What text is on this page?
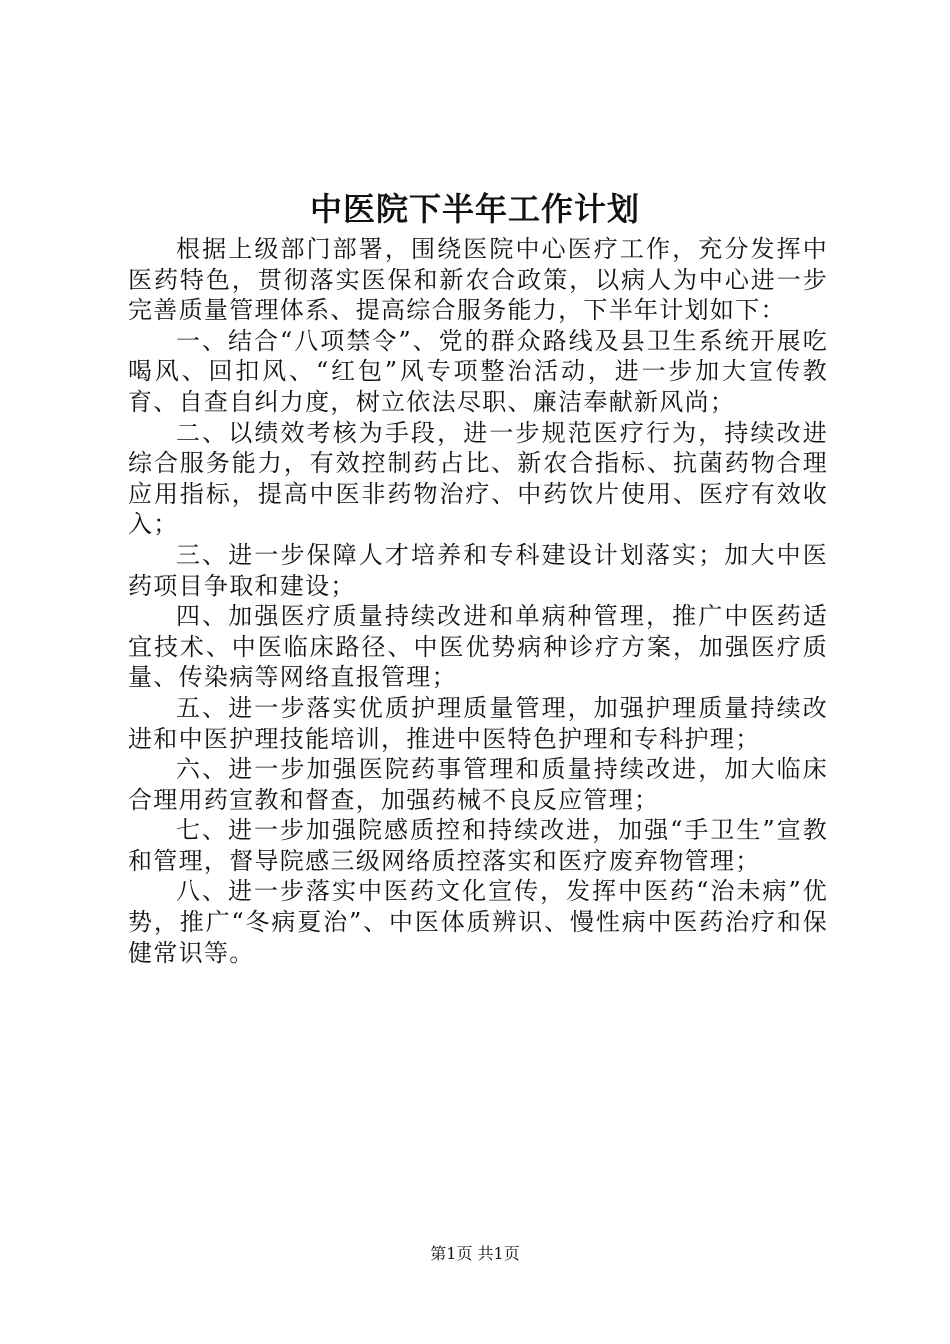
中医院下半年工作计划

根据上级部门部署，围绕医院中心医疗工作，充分发挥中医药特色，贯彻落实医保和新农合政策，以病人为中心进一步完善质量管理体系、提高综合服务能力，下半年计划如下：

一、结合“八项禁令”、党的群众路线及县卫生系统开展吃喝风、回扣风、“红包”风专项整治活动，进一步加大宣传教育、自查自纠力度，树立依法尽职、廉洁奉献新风尚；

二、以绩效考核为手段，进一步规范医疗行为，持续改进综合服务能力，有效控制药占比、新农合指标、抗菌药物合理应用指标，提高中医非药物治疗、中药饮片使用、医疗有效收入；

三、进一步保障人才培养和专科建设计划落实；加大中医药项目争取和建设；

四、加强医疗质量持续改进和单病种管理，推广中医药适宜技术、中医临床路径、中医优势病种诊疗方案，加强医疗质量、传染病等网络直报管理；

五、进一步落实优质护理质量管理，加强护理质量持续改进和中医护理技能培训，推进中医特色护理和专科护理；

六、进一步加强医院药事管理和质量持续改进，加大临床合理用药宣教和督查，加强药械不良反应管理；

七、进一步加强院感质控和持续改进，加强“手卫生”宣教和管理，督导院感三级网络质控落实和医疗废弃物管理；

八、进一步落实中医药文化宣传，发挥中医药“治未病”优势，推广“冬病夏治”、中医体质辨识、慢性病中医药治疗和保健常识等。

第1页 共1页
